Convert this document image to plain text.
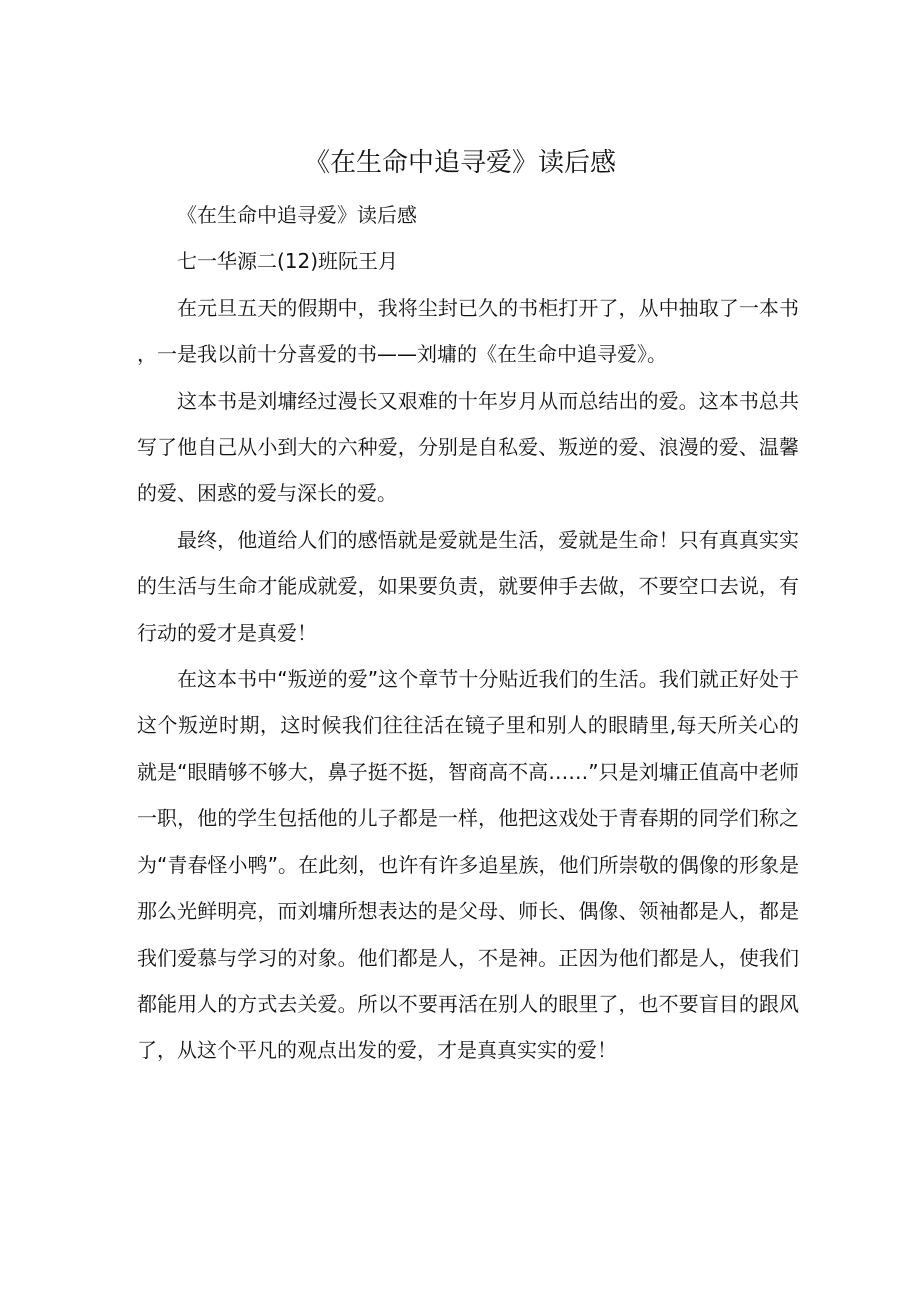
《在生命中追寻爱》读后感

《在生命中追寻爱》读后感

七一华源二(12)班阮王月

在元旦五天的假期中，我将尘封已久的书柜打开了，从中抽取了一本书，一是我以前十分喜爱的书——刘墉的《在生命中追寻爱》。

这本书是刘墉经过漫长又艰难的十年岁月从而总结出的爱。这本书总共写了他自己从小到大的六种爱，分别是自私爱、叛逆的爱、浪漫的爱、温馨的爱、困惑的爱与深长的爱。

最终，他道给人们的感悟就是爱就是生活，爱就是生命！只有真真实实的生活与生命才能成就爱，如果要负责，就要伸手去做，不要空口去说，有行动的爱才是真爱！

在这本书中“叛逆的爱”这个章节十分贴近我们的生活。我们就正好处于这个叛逆时期，这时候我们往往活在镜子里和别人的眼睛里,每天所关心的就是“眼睛够不够大，鼻子挺不挺，智商高不高……”只是刘墉正值高中老师一职，他的学生包括他的儿子都是一样，他把这戏处于青春期的同学们称之为“青春怪小鸭”。在此刻，也许有许多追星族，他们所崇敬的偶像的形象是那么光鲜明亮，而刘墉所想表达的是父母、师长、偶像、领袖都是人，都是我们爱慕与学习的对象。他们都是人，不是神。正因为他们都是人，使我们都能用人的方式去关爱。所以不要再活在别人的眼里了，也不要盲目的跟风了，从这个平凡的观点出发的爱，才是真真实实的爱！
